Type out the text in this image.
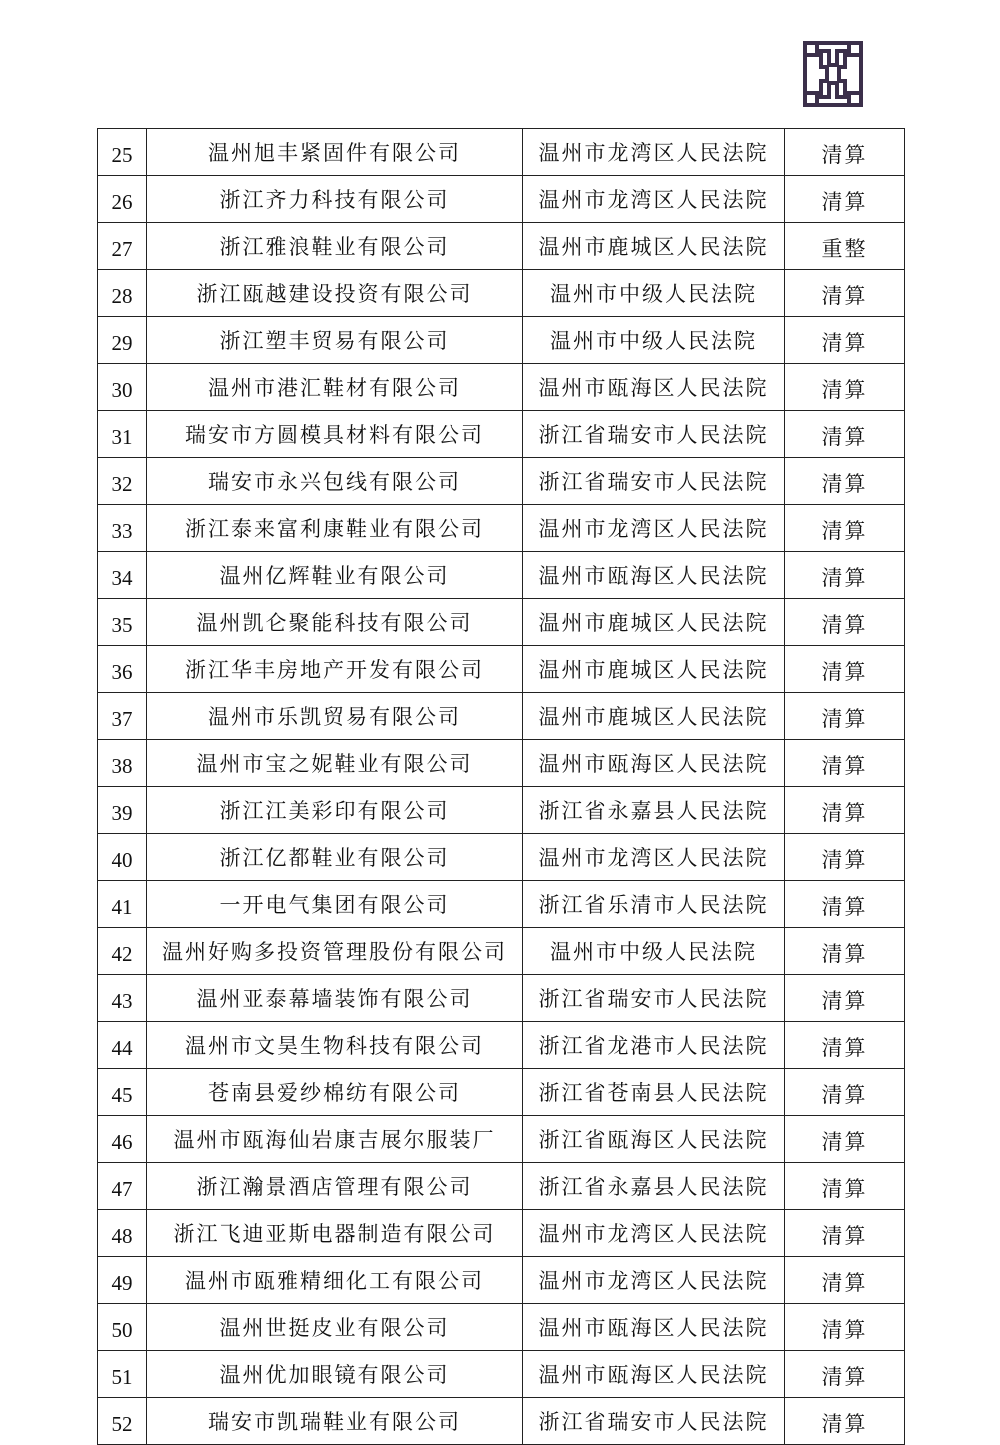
25	温州旭丰紧固件有限公司	温州市龙湾区人民法院	清算
26	浙江齐力科技有限公司	温州市龙湾区人民法院	清算
27	浙江雅浪鞋业有限公司	温州市鹿城区人民法院	重整
28	浙江瓯越建设投资有限公司	温州市中级人民法院	清算
29	浙江塑丰贸易有限公司	温州市中级人民法院	清算
30	温州市港汇鞋材有限公司	温州市瓯海区人民法院	清算
31	瑞安市方圆模具材料有限公司	浙江省瑞安市人民法院	清算
32	瑞安市永兴包线有限公司	浙江省瑞安市人民法院	清算
33	浙江泰来富利康鞋业有限公司	温州市龙湾区人民法院	清算
34	温州亿辉鞋业有限公司	温州市瓯海区人民法院	清算
35	温州凯仑聚能科技有限公司	温州市鹿城区人民法院	清算
36	浙江华丰房地产开发有限公司	温州市鹿城区人民法院	清算
37	温州市乐凯贸易有限公司	温州市鹿城区人民法院	清算
38	温州市宝之妮鞋业有限公司	温州市瓯海区人民法院	清算
39	浙江江美彩印有限公司	浙江省永嘉县人民法院	清算
40	浙江亿都鞋业有限公司	温州市龙湾区人民法院	清算
41	一开电气集团有限公司	浙江省乐清市人民法院	清算
42	温州好购多投资管理股份有限公司	温州市中级人民法院	清算
43	温州亚泰幕墙装饰有限公司	浙江省瑞安市人民法院	清算
44	温州市文昊生物科技有限公司	浙江省龙港市人民法院	清算
45	苍南县爱纱棉纺有限公司	浙江省苍南县人民法院	清算
46	温州市瓯海仙岩康吉展尔服装厂	浙江省瓯海区人民法院	清算
47	浙江瀚景酒店管理有限公司	浙江省永嘉县人民法院	清算
48	浙江飞迪亚斯电器制造有限公司	温州市龙湾区人民法院	清算
49	温州市瓯雅精细化工有限公司	温州市龙湾区人民法院	清算
50	温州世挺皮业有限公司	温州市瓯海区人民法院	清算
51	温州优加眼镜有限公司	温州市瓯海区人民法院	清算
52	瑞安市凯瑞鞋业有限公司	浙江省瑞安市人民法院	清算
